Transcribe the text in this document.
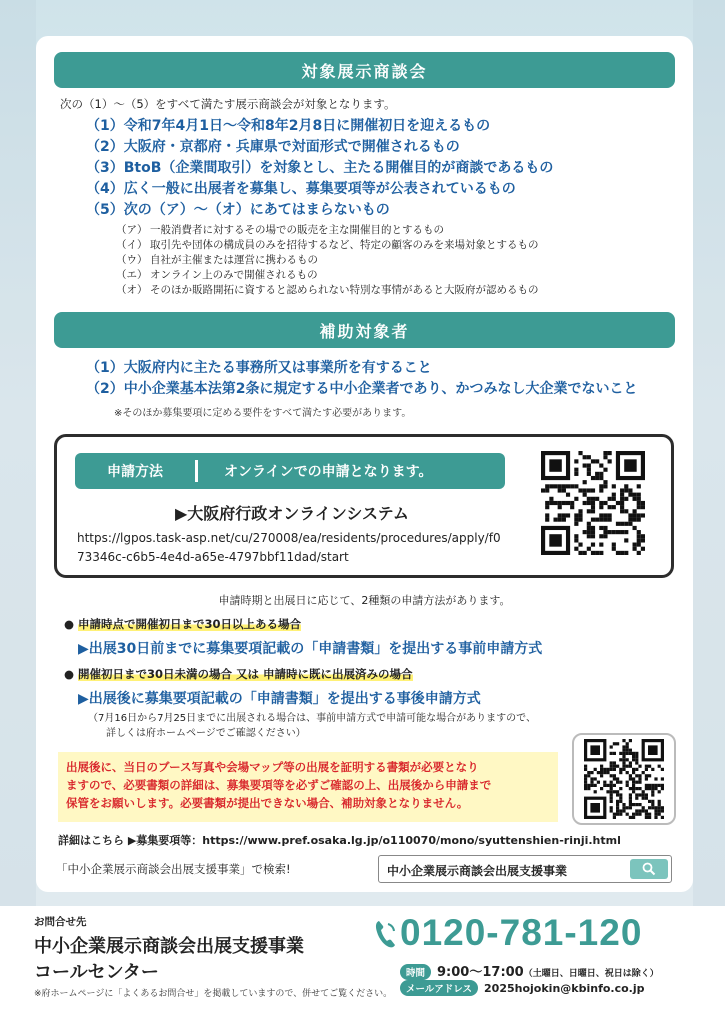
対象展示商談会
次の（1）～（5）をすべて満たす展示商談会が対象となります。
（1）令和7年4月1日～令和8年2月8日に開催初日を迎えるもの
（2）大阪府・京都府・兵庫県で対面形式で開催されるもの
（3）BtoB（企業間取引）を対象とし、主たる開催目的が商談であるもの
（4）広く一般に出展者を募集し、募集要項等が公表されているもの
（5）次の（ア）～（オ）にあてはまらないもの
（ア） 一般消費者に対するその場での販売を主な開催目的とするもの
（イ） 取引先や団体の構成員のみを招待するなど、特定の顧客のみを来場対象とするもの
（ウ） 自社が主催または運営に携わるもの
（エ） オンライン上のみで開催されるもの
（オ） そのほか販路開拓に資すると認められない特別な事情があると大阪府が認めるもの
補助対象者
（1）大阪府内に主たる事務所又は事業所を有すること
（2）中小企業基本法第2条に規定する中小企業者であり、かつみなし大企業でないこと
※そのほか募集要項に定める要件をすべて満たす必要があります。
申請方法	オンラインでの申請となります。
▶大阪府行政オンラインシステム
https://lgpos.task-asp.net/cu/270008/ea/residents/procedures/apply/f073346c-c6b5-4e4d-a65e-4797bbf11dad/start
申請時期と出展日に応じて、2種類の申請方法があります。
● 申請時点で開催初日まで30日以上ある場合
▶出展30日前までに募集要項記載の「申請書類」を提出する事前申請方式
● 開催初日まで30日未満の場合 又は 申請時に既に出展済みの場合
▶出展後に募集要項記載の「申請書類」を提出する事後申請方式
（7月16日から7月25日までに出展される場合は、事前申請方式で申請可能な場合がありますので、
詳しくは府ホームページでご確認ください）
出展後に、当日のブース写真や会場マップ等の出展を証明する書類が必要となり
ますので、必要書類の詳細は、募集要項等を必ずご確認の上、出展後から申請まで
保管をお願いします。必要書類が提出できない場合、補助対象となりません。
詳細はこちら ▶募集要項等：https://www.pref.osaka.lg.jp/o110070/mono/syuttenshien-rinji.html
「中小企業展示商談会出展支援事業」で検索!	中小企業展示商談会出展支援事業
お問合せ先
中小企業展示商談会出展支援事業
コールセンター
※府ホームページに「よくあるお問合せ」を掲載していますので、併せてご覧ください。
0120-781-120
時間 9:00～17:00（土曜日、日曜日、祝日は除く）
メールアドレス 2025hojokin@kbinfo.co.jp
